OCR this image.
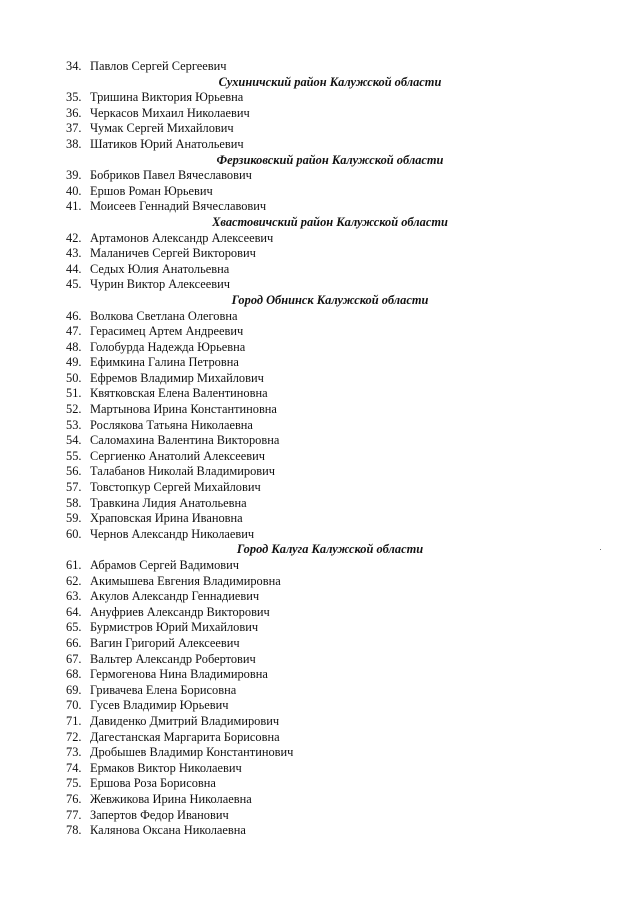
34. Павлов Сергей Сергеевич
Сухиничский район Калужской области
35. Тришина Виктория Юрьевна
36. Черкасов Михаил Николаевич
37. Чумак Сергей Михайлович
38. Шатиков Юрий Анатольевич
Ферзиковский район Калужской области
39. Бобриков Павел Вячеславович
40. Ершов Роман Юрьевич
41. Моисеев Геннадий Вячеславович
Хвастовичский район Калужской области
42. Артамонов Александр Алексеевич
43. Маланичев Сергей Викторович
44. Седых Юлия Анатольевна
45. Чурин Виктор Алексеевич
Город Обнинск Калужской области
46. Волкова Светлана Олеговна
47. Герасимец Артем Андреевич
48. Голобурда Надежда Юрьевна
49. Ефимкина Галина Петровна
50. Ефремов Владимир Михайлович
51. Квятковская Елена Валентиновна
52. Мартынова Ирина Константиновна
53. Рослякова Татьяна Николаевна
54. Саломахина Валентина Викторовна
55. Сергиенко Анатолий Алексеевич
56. Талабанов Николай Владимирович
57. Товстопкур Сергей Михайлович
58. Травкина Лидия Анатольевна
59. Храповская Ирина Ивановна
60. Чернов Александр Николаевич
Город Калуга Калужской области
61. Абрамов Сергей Вадимович
62. Акимышева Евгения Владимировна
63. Акулов Александр Геннадиевич
64. Ануфриев Александр Викторович
65. Бурмистров Юрий Михайлович
66. Вагин Григорий Алексеевич
67. Вальтер Александр Робертович
68. Гермогенова Нина Владимировна
69. Гривачева Елена Борисовна
70. Гусев Владимир Юрьевич
71. Давиденко Дмитрий Владимирович
72. Дагестанская Маргарита Борисовна
73. Дробышев Владимир Константинович
74. Ермаков Виктор Николаевич
75. Ершова Роза Борисовна
76. Жевжикова Ирина Николаевна
77. Запертов Федор Иванович
78. Калянова Оксана Николаевна
